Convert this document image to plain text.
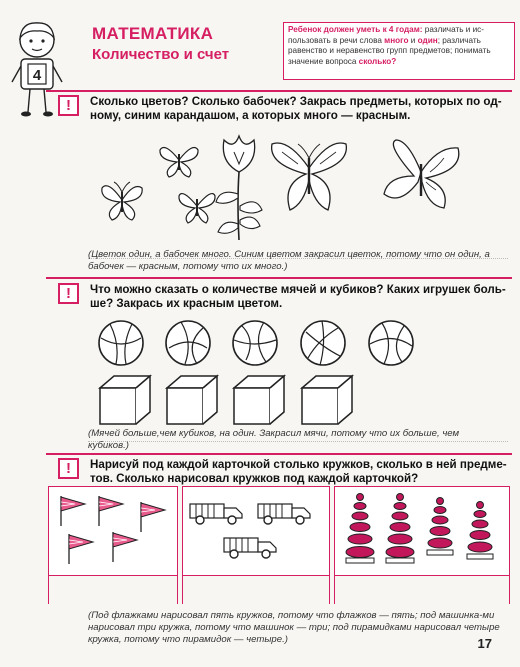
4
МАТЕМАТИКА
Количество и счет
Ребенок должен уметь к 4 годам: различать и ис-пользовать в речи слова много и один; различать равенство и неравенство групп предметов; понимать значение вопроса сколько?
!	Сколько цветов? Сколько бабочек? Закрась предметы, которых по од-ному, синим карандашом, а которых много — красным.
(Цветок один, а бабочек много. Синим цветом закрасил цветок, потому что он один, а бабочек — красным, потому что их много.)
!	Что можно сказать о количестве мячей и кубиков? Каких игрушек боль-ше? Закрась их красным цветом.
(Мячей больше,чем кубиков, на один. Закрасил мячи, потому что их больше, чем кубиков.)
!	Нарисуй под каждой карточкой столько кружков, сколько в ней предме-тов. Сколько нарисовал кружков под каждой карточкой?
(Под флажками нарисовал пять кружков, потому что флажков — пять; под машинка-ми нарисовал три кружка, потому что машинок — три; под пирамидками нарисовал четыре кружка, потому что пирамидок — четыре.)	17
